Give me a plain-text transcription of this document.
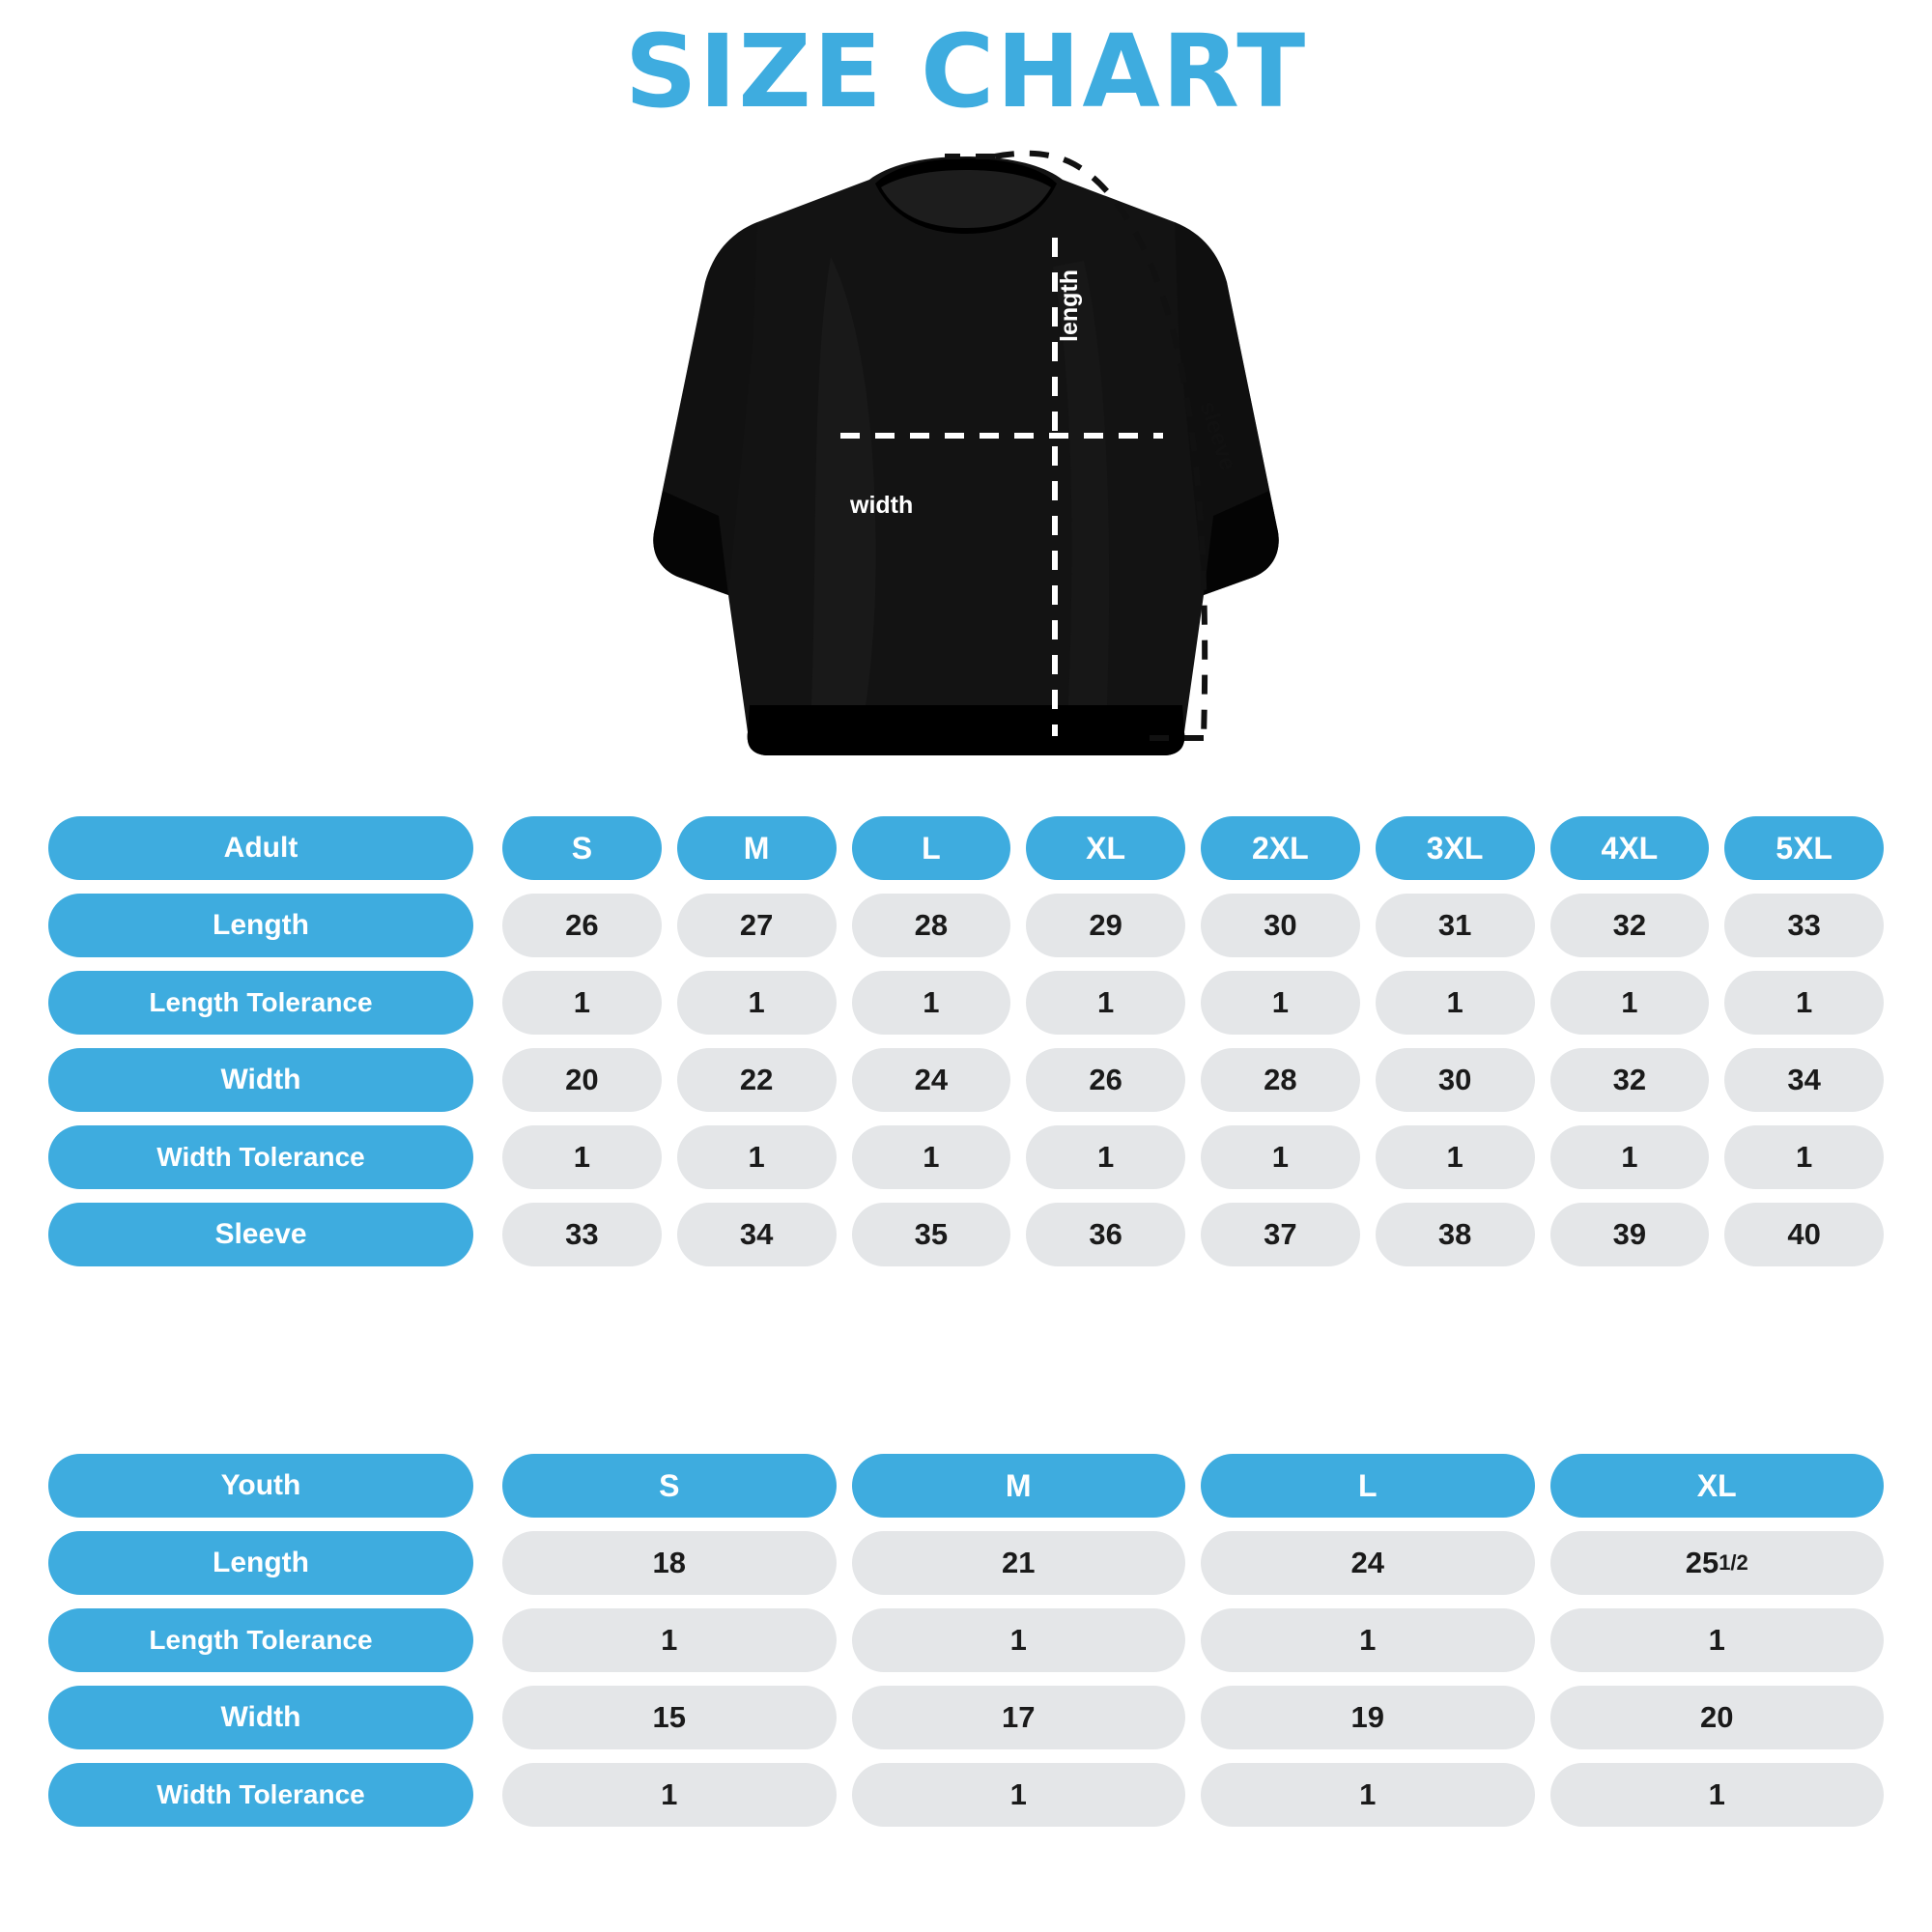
SIZE CHART
width
length
sleeve
Adult	S	M	L	XL	2XL	3XL	4XL	5XL
Length	26	27	28	29	30	31	32	33
Length Tolerance	1	1	1	1	1	1	1	1
Width	20	22	24	26	28	30	32	34
Width Tolerance	1	1	1	1	1	1	1	1
Sleeve	33	34	35	36	37	38	39	40
Youth	S	M	L	XL
Length	18	21	24	25 1/2
Length Tolerance	1	1	1	1
Width	15	17	19	20
Width Tolerance	1	1	1	1
